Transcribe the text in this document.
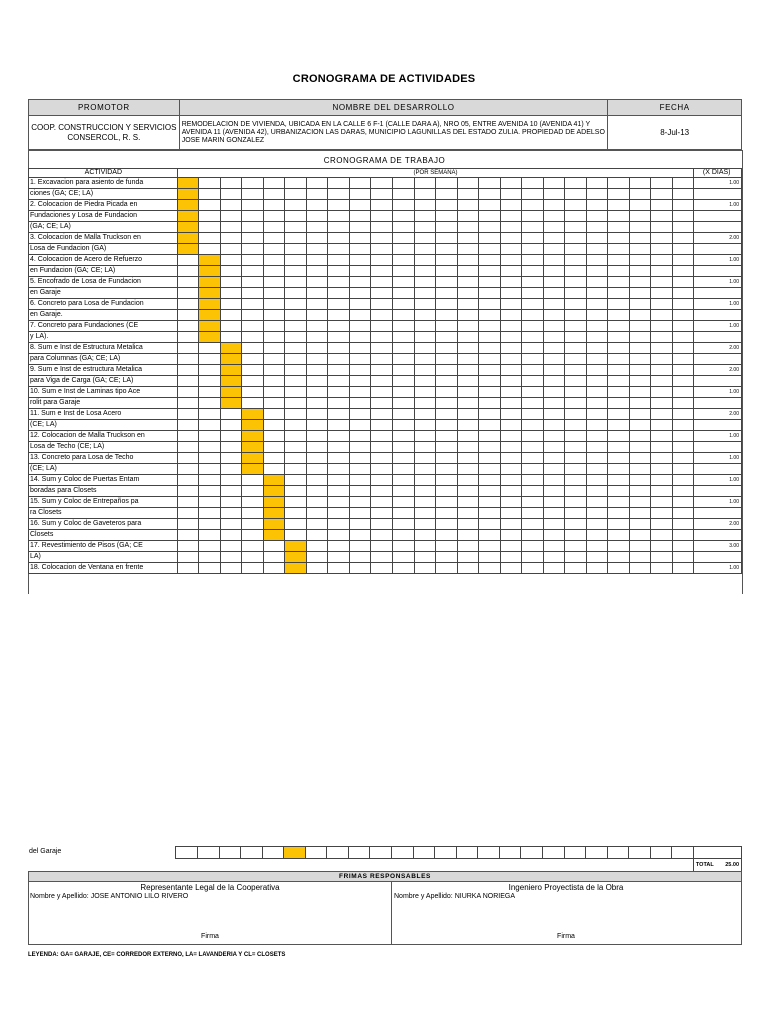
CRONOGRAMA DE ACTIVIDADES
PROMOTOR	NOMBRE DEL DESARROLLO	FECHA
COOP. CONSTRUCCION Y SERVICIOS CONSERCOL, R. S.	REMODELACION DE VIVIENDA, UBICADA EN LA CALLE 6 F-1 (CALLE DARA A), NRO 05, ENTRE AVENIDA 10 (AVENIDA 41) Y AVENIDA 11 (AVENIDA 42), URBANIZACION LAS DARAS, MUNICIPIO LAGUNILLAS DEL ESTADO ZULIA. PROPIEDAD DE ADELSO JOSE MARIN GONZALEZ	8-Jul-13
CRONOGRAMA DE TRABAJO
ACTIVIDAD	(POR SEMANA)																								(X DIAS)
1. Excavacion para asiento de funda																									1.00
ciones (GA; CE; LA)																									
2. Colocacion de Piedra Picada en																									1.00
Fundaciones y Losa de Fundacion																									
(GA; CE; LA)																									
3. Colocacion de Malla Truckson en																									2.00
Losa de Fundacion (GA)																									
4. Colocacion de Acero de Refuerzo																									1.00
en Fundacion (GA; CE; LA)																									
5. Encofrado de Losa de Fundacion																									1.00
en Garaje																									
6. Concreto para Losa de Fundacion																									1.00
en Garaje.																									
7. Concreto para Fundaciones (CE																									1.00
y LA).																									
8. Sum e Inst de Estructura Metalica																									2.00
para Columnas (GA; CE; LA)																									
9. Sum e Inst de estructura Metalica																									2.00
para Viga de Carga (GA; CE; LA)																									
10. Sum e Inst de Laminas tipo Ace																									1.00
rolit para Garaje																									
11. Sum e Inst de Losa Acero																									2.00
(CE; LA)																									
12. Colocacion de Malla Truckson en																									1.00
Losa de Techo (CE; LA)																									
13. Concreto para Losa de Techo																									1.00
(CE; LA)																									
14. Sum y Coloc de Puertas Entam																									1.00
boradas para Closets																									
15. Sum y Coloc de Entrepaños pa																									1.00
ra Closets																									
16. Sum y Coloc de Gaveteros para																									2.00
Closets																									
17. Revestimiento de Pisos (GA; CE																									3.00
LA)																									
18. Colocacion de Ventana en frente																									1.00
del Garaje																									

																									TOTAL 25.00
FRIMAS RESPONSABLES
Representante Legal de la Cooperativa
Nombre y Apellido: JOSE ANTONIO LILO RIVERO
Firma
Ingeniero Proyectista de la Obra
Nombre y Apellido: NIURKA NORIEGA
Firma
LEYENDA: GA= GARAJE, CE= CORREDOR EXTERNO, LA= LAVANDERIA Y CL= CLOSETS
